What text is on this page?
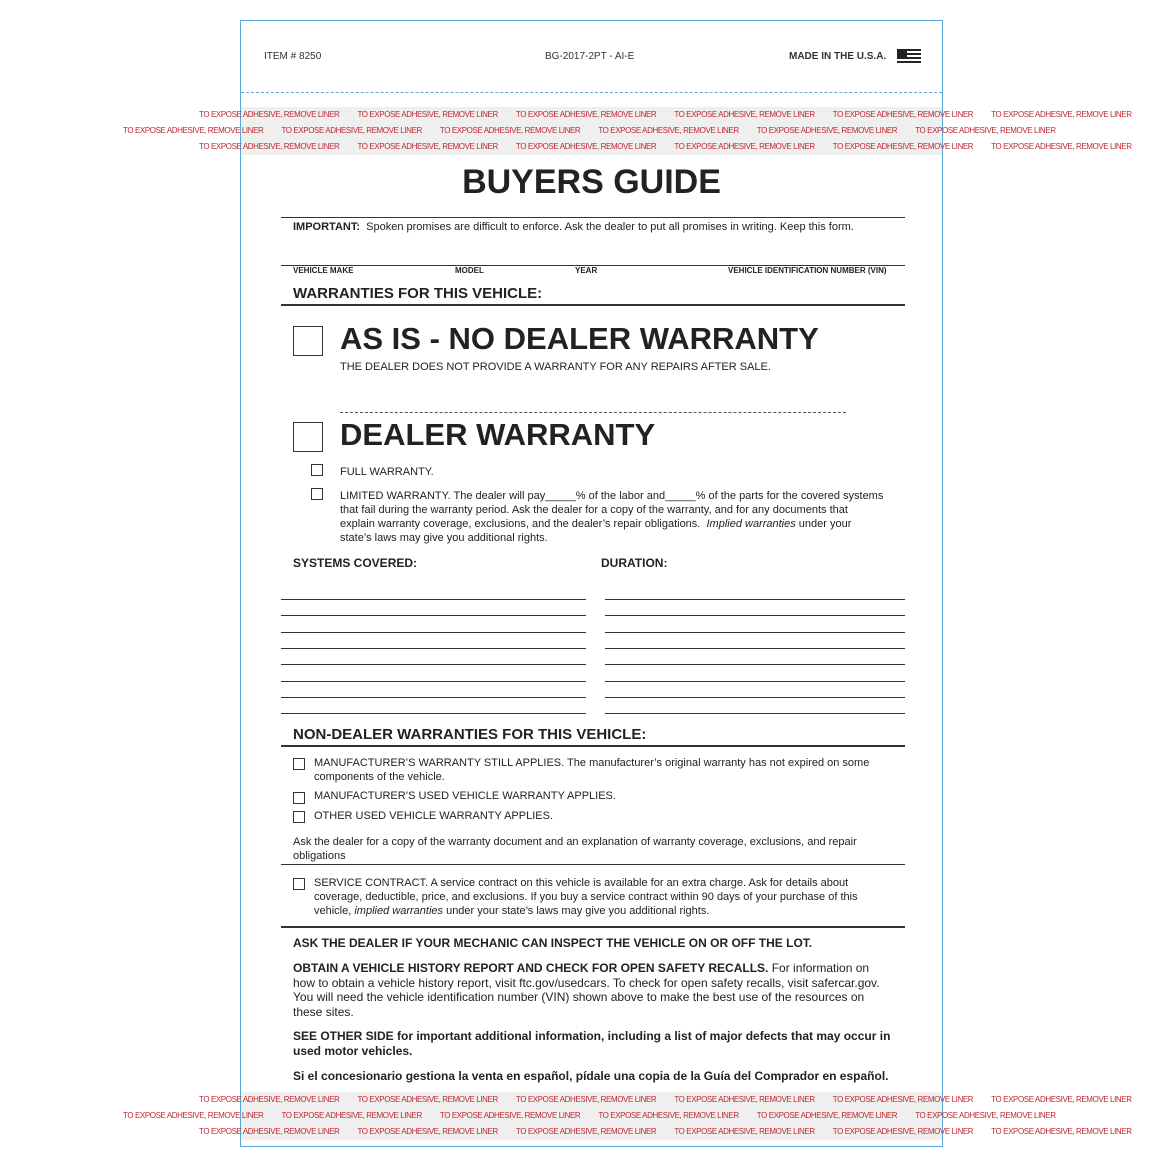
ITEM # 8250	BG-2017-2PT - AI-E	MADE IN THE U.S.A.
TO EXPOSE ADHESIVE, REMOVE LINER TO EXPOSE ADHESIVE, REMOVE LINER TO EXPOSE ADHESIVE, REMOVE LINER TO EXPOSE ADHESIVE, REMOVE LINER TO EXPOSE ADHESIVE, REMOVE LINER TO EXPOSE ADHESIVE, REMOVE LINER
TO EXPOSE ADHESIVE, REMOVE LINER TO EXPOSE ADHESIVE, REMOVE LINER TO EXPOSE ADHESIVE, REMOVE LINER TO EXPOSE ADHESIVE, REMOVE LINER TO EXPOSE ADHESIVE, REMOVE LINER TO EXPOSE ADHESIVE, REMOVE LINER
TO EXPOSE ADHESIVE, REMOVE LINER TO EXPOSE ADHESIVE, REMOVE LINER TO EXPOSE ADHESIVE, REMOVE LINER TO EXPOSE ADHESIVE, REMOVE LINER TO EXPOSE ADHESIVE, REMOVE LINER TO EXPOSE ADHESIVE, REMOVE LINER
BUYERS GUIDE
IMPORTANT: Spoken promises are difficult to enforce. Ask the dealer to put all promises in writing. Keep this form.
VEHICLE MAKE	MODEL	YEAR	VEHICLE IDENTIFICATION NUMBER (VIN)
WARRANTIES FOR THIS VEHICLE:
AS IS - NO DEALER WARRANTY
THE DEALER DOES NOT PROVIDE A WARRANTY FOR ANY REPAIRS AFTER SALE.
DEALER WARRANTY
FULL WARRANTY.
LIMITED WARRANTY. The dealer will pay_____% of the labor and_____% of the parts for the covered systems
that fail during the warranty period. Ask the dealer for a copy of the warranty, and for any documents that
explain warranty coverage, exclusions, and the dealer’s repair obligations. Implied warranties under your
state’s laws may give you additional rights.
SYSTEMS COVERED:	DURATION:
NON-DEALER WARRANTIES FOR THIS VEHICLE:
MANUFACTURER’S WARRANTY STILL APPLIES. The manufacturer’s original warranty has not expired on some
components of the vehicle.
MANUFACTURER’S USED VEHICLE WARRANTY APPLIES.
OTHER USED VEHICLE WARRANTY APPLIES.
Ask the dealer for a copy of the warranty document and an explanation of warranty coverage, exclusions, and repair
obligations
SERVICE CONTRACT. A service contract on this vehicle is available for an extra charge. Ask for details about
coverage, deductible, price, and exclusions. If you buy a service contract within 90 days of your purchase of this
vehicle, implied warranties under your state’s laws may give you additional rights.
ASK THE DEALER IF YOUR MECHANIC CAN INSPECT THE VEHICLE ON OR OFF THE LOT.
OBTAIN A VEHICLE HISTORY REPORT AND CHECK FOR OPEN SAFETY RECALLS. For information on
how to obtain a vehicle history report, visit ftc.gov/usedcars. To check for open safety recalls, visit safercar.gov.
You will need the vehicle identification number (VIN) shown above to make the best use of the resources on
these sites.
SEE OTHER SIDE for important additional information, including a list of major defects that may occur in
used motor vehicles.
Si el concesionario gestiona la venta en español, pídale una copia de la Guía del Comprador en español.
TO EXPOSE ADHESIVE, REMOVE LINER TO EXPOSE ADHESIVE, REMOVE LINER TO EXPOSE ADHESIVE, REMOVE LINER TO EXPOSE ADHESIVE, REMOVE LINER TO EXPOSE ADHESIVE, REMOVE LINER TO EXPOSE ADHESIVE, REMOVE LINER
TO EXPOSE ADHESIVE, REMOVE LINER TO EXPOSE ADHESIVE, REMOVE LINER TO EXPOSE ADHESIVE, REMOVE LINER TO EXPOSE ADHESIVE, REMOVE LINER TO EXPOSE ADHESIVE, REMOVE LINER TO EXPOSE ADHESIVE, REMOVE LINER
TO EXPOSE ADHESIVE, REMOVE LINER TO EXPOSE ADHESIVE, REMOVE LINER TO EXPOSE ADHESIVE, REMOVE LINER TO EXPOSE ADHESIVE, REMOVE LINER TO EXPOSE ADHESIVE, REMOVE LINER TO EXPOSE ADHESIVE, REMOVE LINER
